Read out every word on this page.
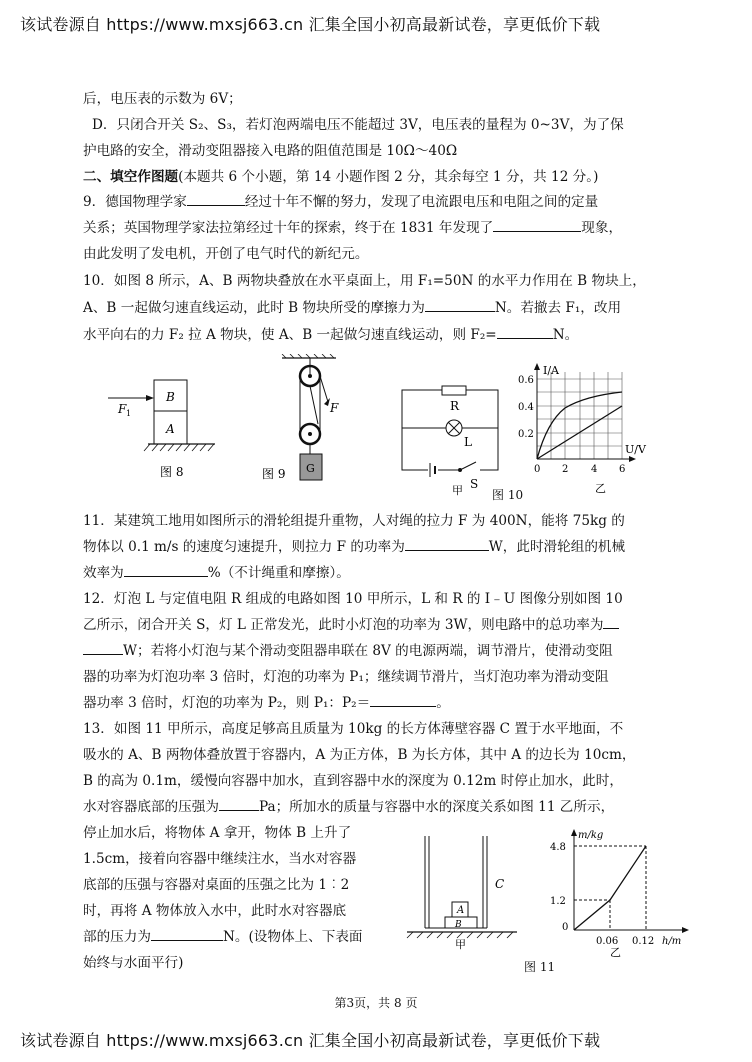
该试卷源自 https://www.mxsj663.cn 汇集全国小初高最新试卷，享更低价下载
后，电压表的示数为 6V；
D．只闭合开关 S₂、S₃，若灯泡两端电压不能超过 3V，电压表的量程为 0~3V，为了保
护电路的安全，滑动变阻器接入电路的阻值范围是 10Ω～40Ω
二、填空作图题(本题共 6 个小题，第 14 小题作图 2 分，其余每空 1 分，共 12 分。)
9．德国物理学家	经过十年不懈的努力，发现了电流跟电压和电阻之间的定量
关系；英国物理学家法拉第经过十年的探索，终于在 1831 年发现了	现象，
由此发明了发电机，开创了电气时代的新纪元。
10．如图 8 所示，A、B 两物块叠放在水平桌面上，用 F₁=50N 的水平力作用在 B 物块上，
A、B 一起做匀速直线运动，此时 B 物块所受的摩擦力为	N。若撤去 F₁，改用
水平向右的力 F₂ 拉 A 物块，使 A、B 一起做匀速直线运动，则 F₂=	N。
B
A
F 1
图 8
F
G
图 9
R
L
S
甲 图 10
I/A
U/V
0.6
0.4
0.2
0 2 4 6
乙
11．某建筑工地用如图所示的滑轮组提升重物，人对绳的拉力 F 为 400N，能将 75kg 的
物体以 0.1 m/s 的速度匀速提升，则拉力 F 的功率为	W，此时滑轮组的机械
效率为	%（不计绳重和摩擦）。
12．灯泡 L 与定值电阻 R 组成的电路如图 10 甲所示，L 和 R 的 I﹣U 图像分别如图 10
乙所示，闭合开关 S，灯 L 正常发光，此时小灯泡的功率为 3W，则电路中的总功率为
W；若将小灯泡与某个滑动变阻器串联在 8V 的电源两端，调节滑片，使滑动变阻
器的功率为灯泡功率 3 倍时，灯泡的功率为 P₁；继续调节滑片，当灯泡功率为滑动变阻
器功率 3 倍时，灯泡的功率为 P₂，则 P₁：P₂＝	。
13．如图 11 甲所示，高度足够高且质量为 10kg 的长方体薄壁容器 C 置于水平地面，不
吸水的 A、B 两物体叠放置于容器内，A 为正方体，B 为长方体，其中 A 的边长为 10cm，
B 的高为 0.1m，缓慢向容器中加水，直到容器中水的深度为 0.12m 时停止加水，此时，
水对容器底部的压强为	Pa；所加水的质量与容器中水的深度关系如图 11 乙所示，
停止加水后，将物体 A 拿开，物体 B 上升了
1.5cm，接着向容器中继续注水，当水对容器
底部的压强与容器对桌面的压强之比为 1︰2
时，再将 A 物体放入水中，此时水对容器底
部的压力为	N。(设物体上、下表面
始终与水面平行)
A
B
C
甲
图 11
m/kg
h/m
4.8
1.2
0
0.06 0.12
乙
第3页，共 8 页
该试卷源自 https://www.mxsj663.cn 汇集全国小初高最新试卷，享更低价下载
